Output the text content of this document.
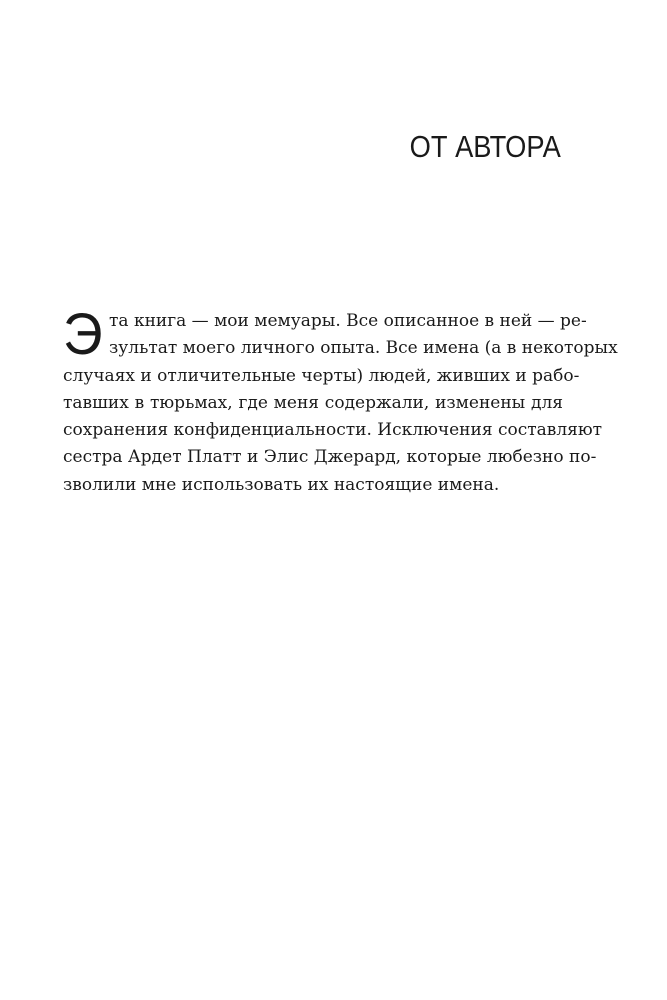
ОТ АВТОРА
Э та книга — мои мемуары. Все описанное в ней — ре-
зультат моего личного опыта. Все имена (а в некоторых
случаях и отличительные черты) людей, живших и рабо-
тавших в тюрьмах, где меня содержали, изменены для
сохранения конфиденциальности. Исключения составляют
сестра Ардет Платт и Элис Джерард, которые любезно по-
зволили мне использовать их настоящие имена.
